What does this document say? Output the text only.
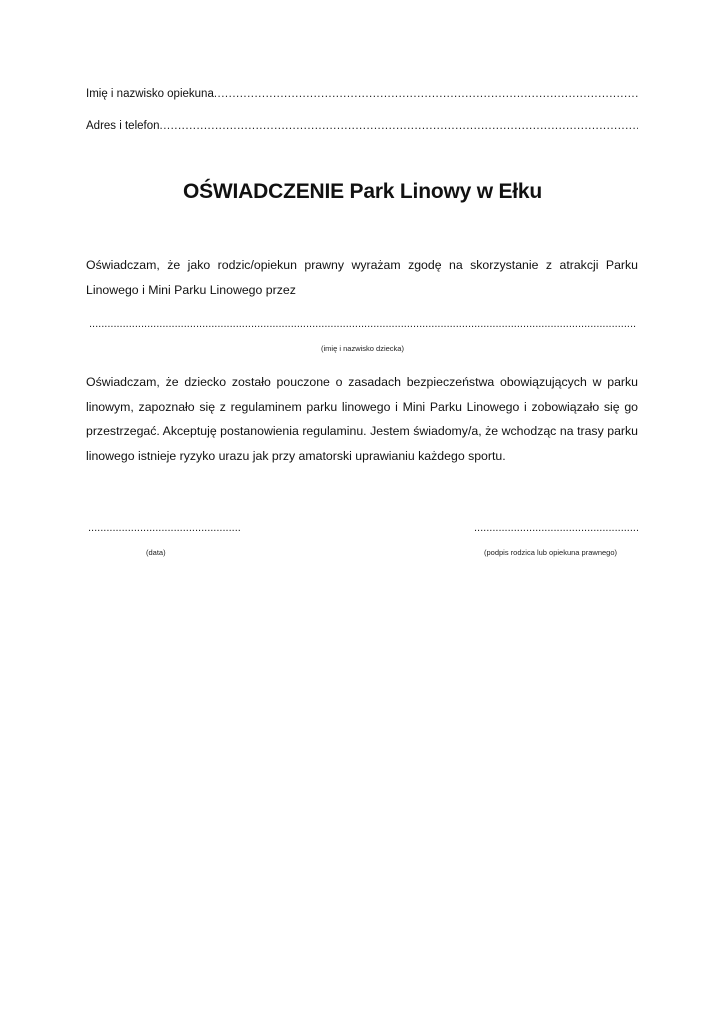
Imię i nazwisko opiekuna
.....
Adres i telefon
.....
OŚWIADCZENIE Park Linowy w Ełku

Oświadczam, że jako rodzic/opiekun prawny wyrażam zgodę na skorzystanie z atrakcji Parku Linowego i Mini Parku Linowego przez

.....
(imię i nazwisko dziecka)

Oświadczam, że dziecko zostało pouczone o zasadach bezpieczeństwa obowiązujących w parku linowym, zapoznało się z regulaminem parku linowego i Mini Parku Linowego i zobowiązało się go przestrzegać. Akceptuję postanowienia regulaminu. Jestem świadomy/a, że wchodząc na trasy parku linowego istnieje ryzyko urazu jak przy amatorski uprawianiu każdego sportu.

.....
.....
(data)	(podpis rodzica lub opiekuna prawnego)
